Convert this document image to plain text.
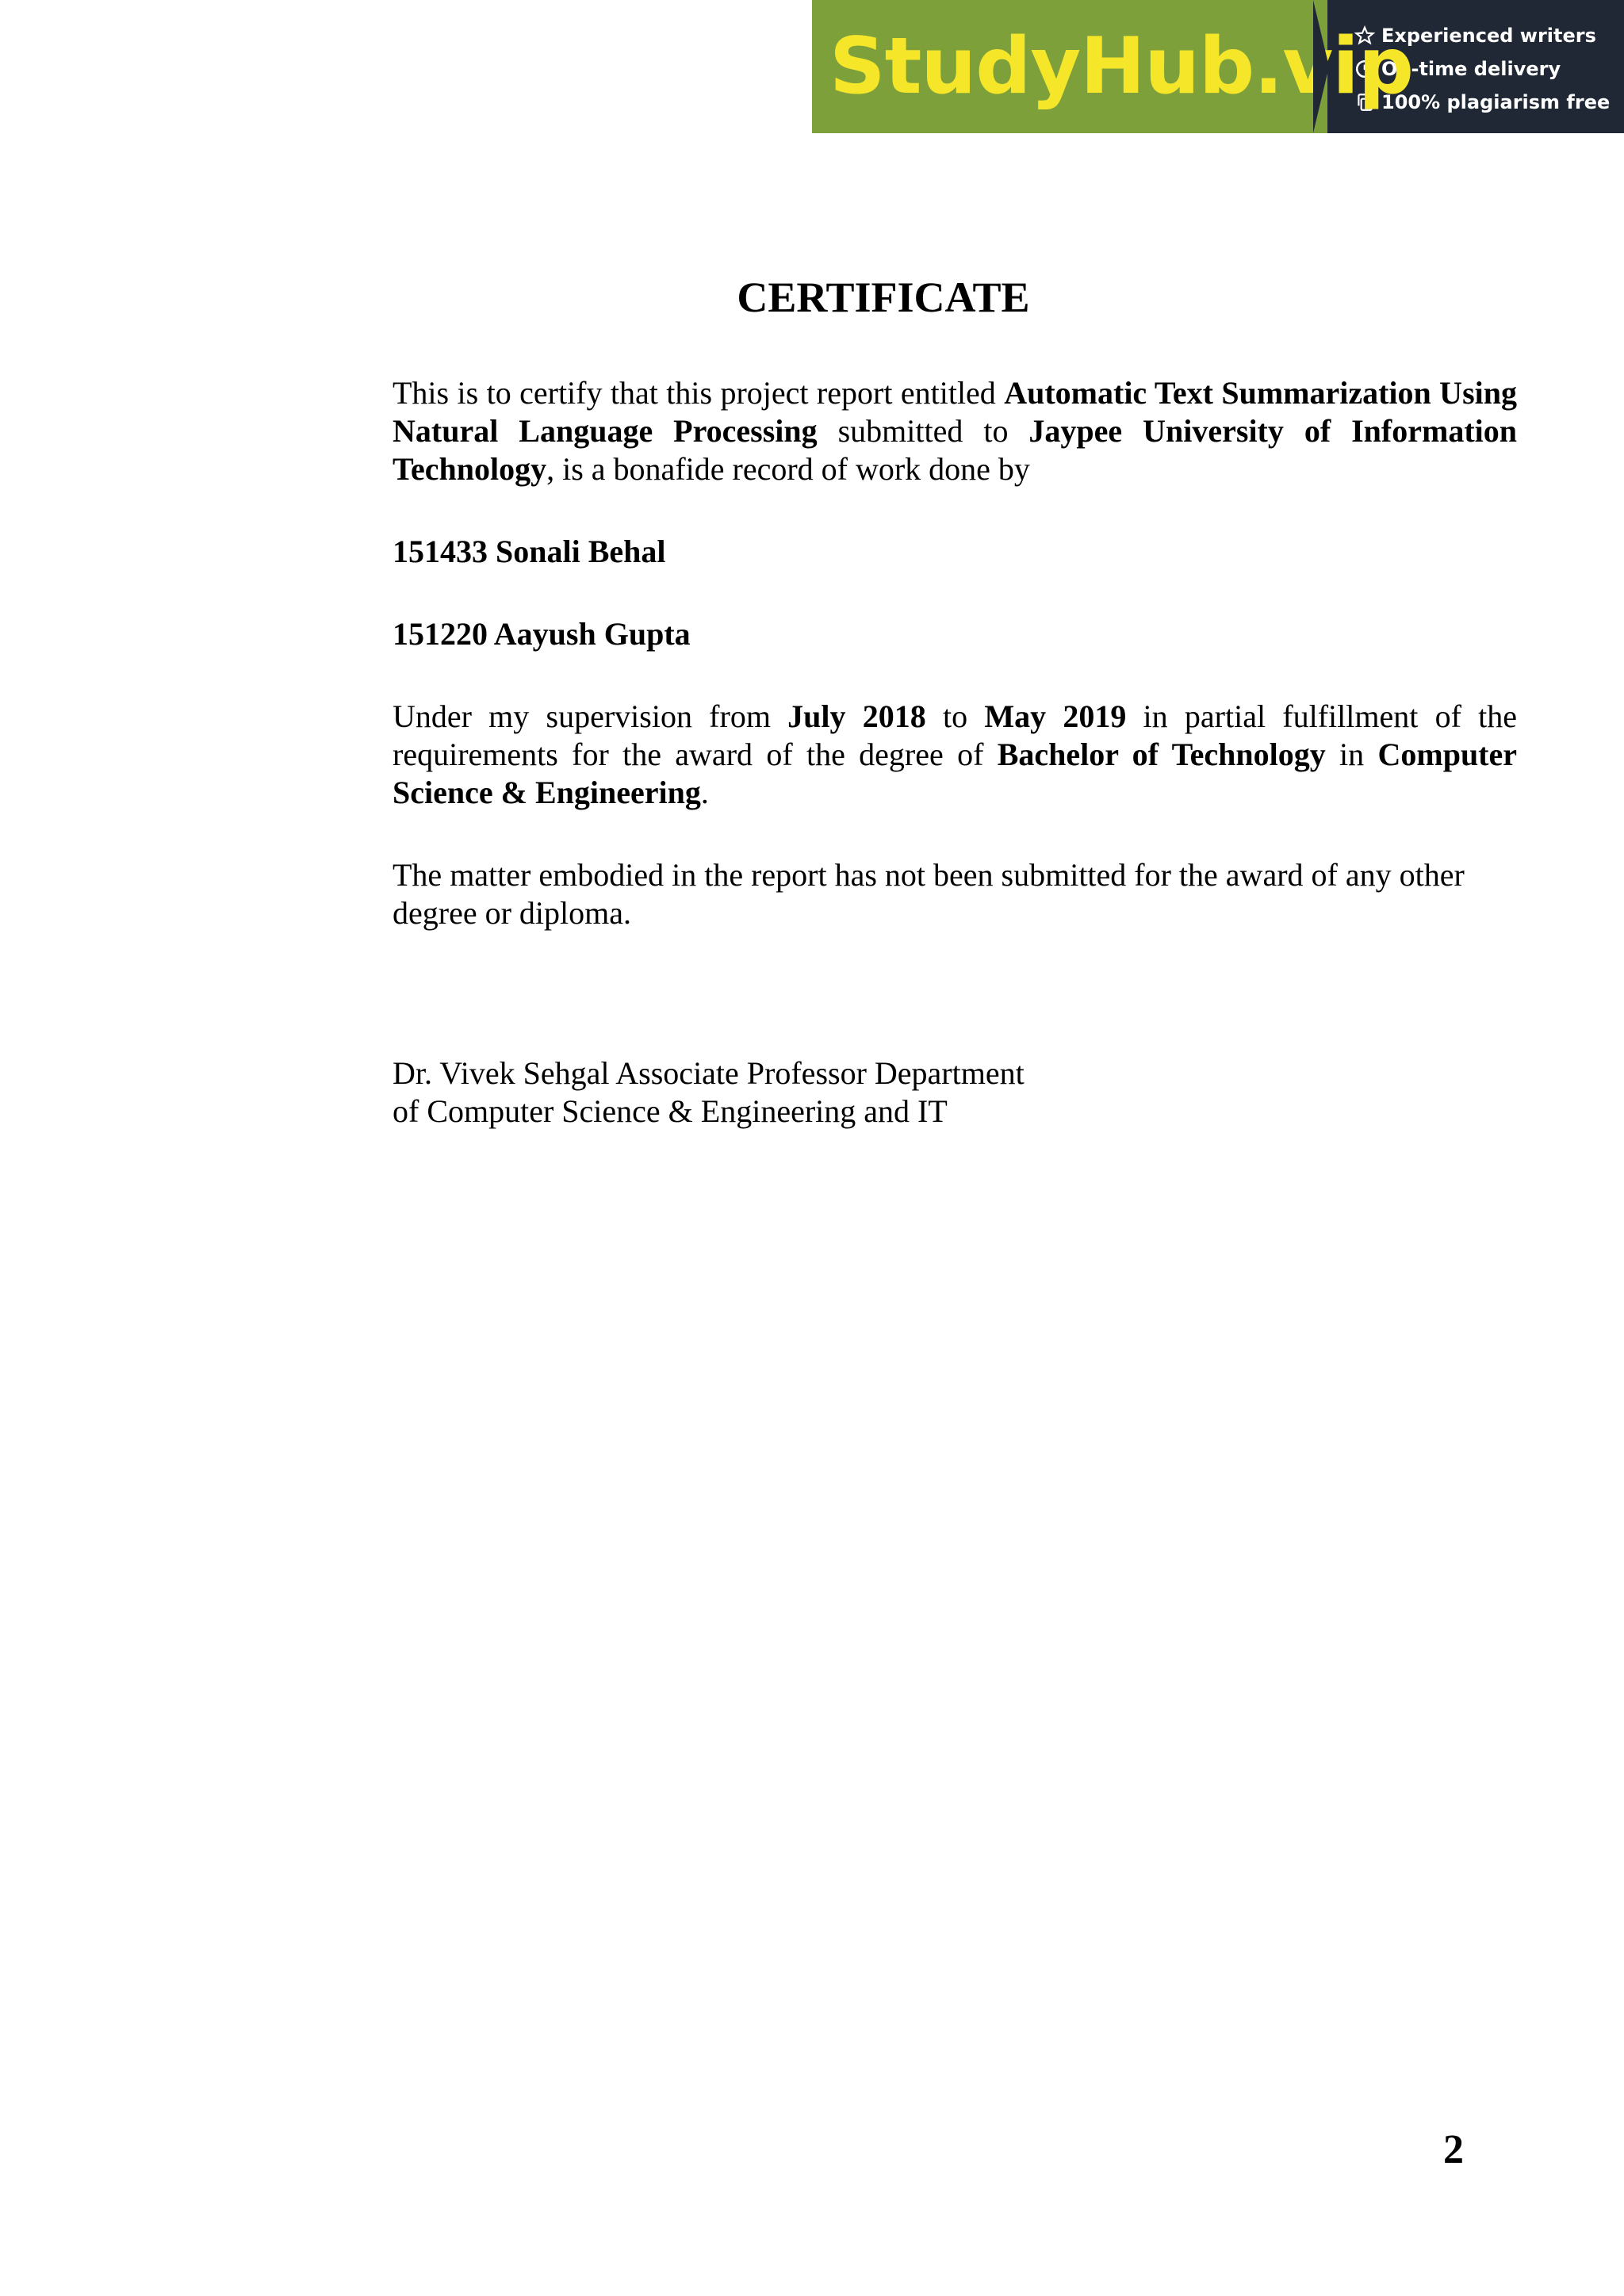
StudyHub.vip
Experienced writers
On-time delivery
100% plagiarism free
CERTIFICATE

This is to certify that this project report entitled Automatic Text Summarization Using Natural Language Processing submitted to Jaypee University of Information Technology, is a bonafide record of work done by

151433 Sonali Behal

151220 Aayush Gupta

Under my supervision from July 2018 to May 2019 in partial fulfillment of the requirements for the award of the degree of Bachelor of Technology in Computer Science & Engineering.

The matter embodied in the report has not been submitted for the award of any other
degree or diploma.
Dr. Vivek Sehgal Associate Professor Department
of Computer Science & Engineering and IT
2
